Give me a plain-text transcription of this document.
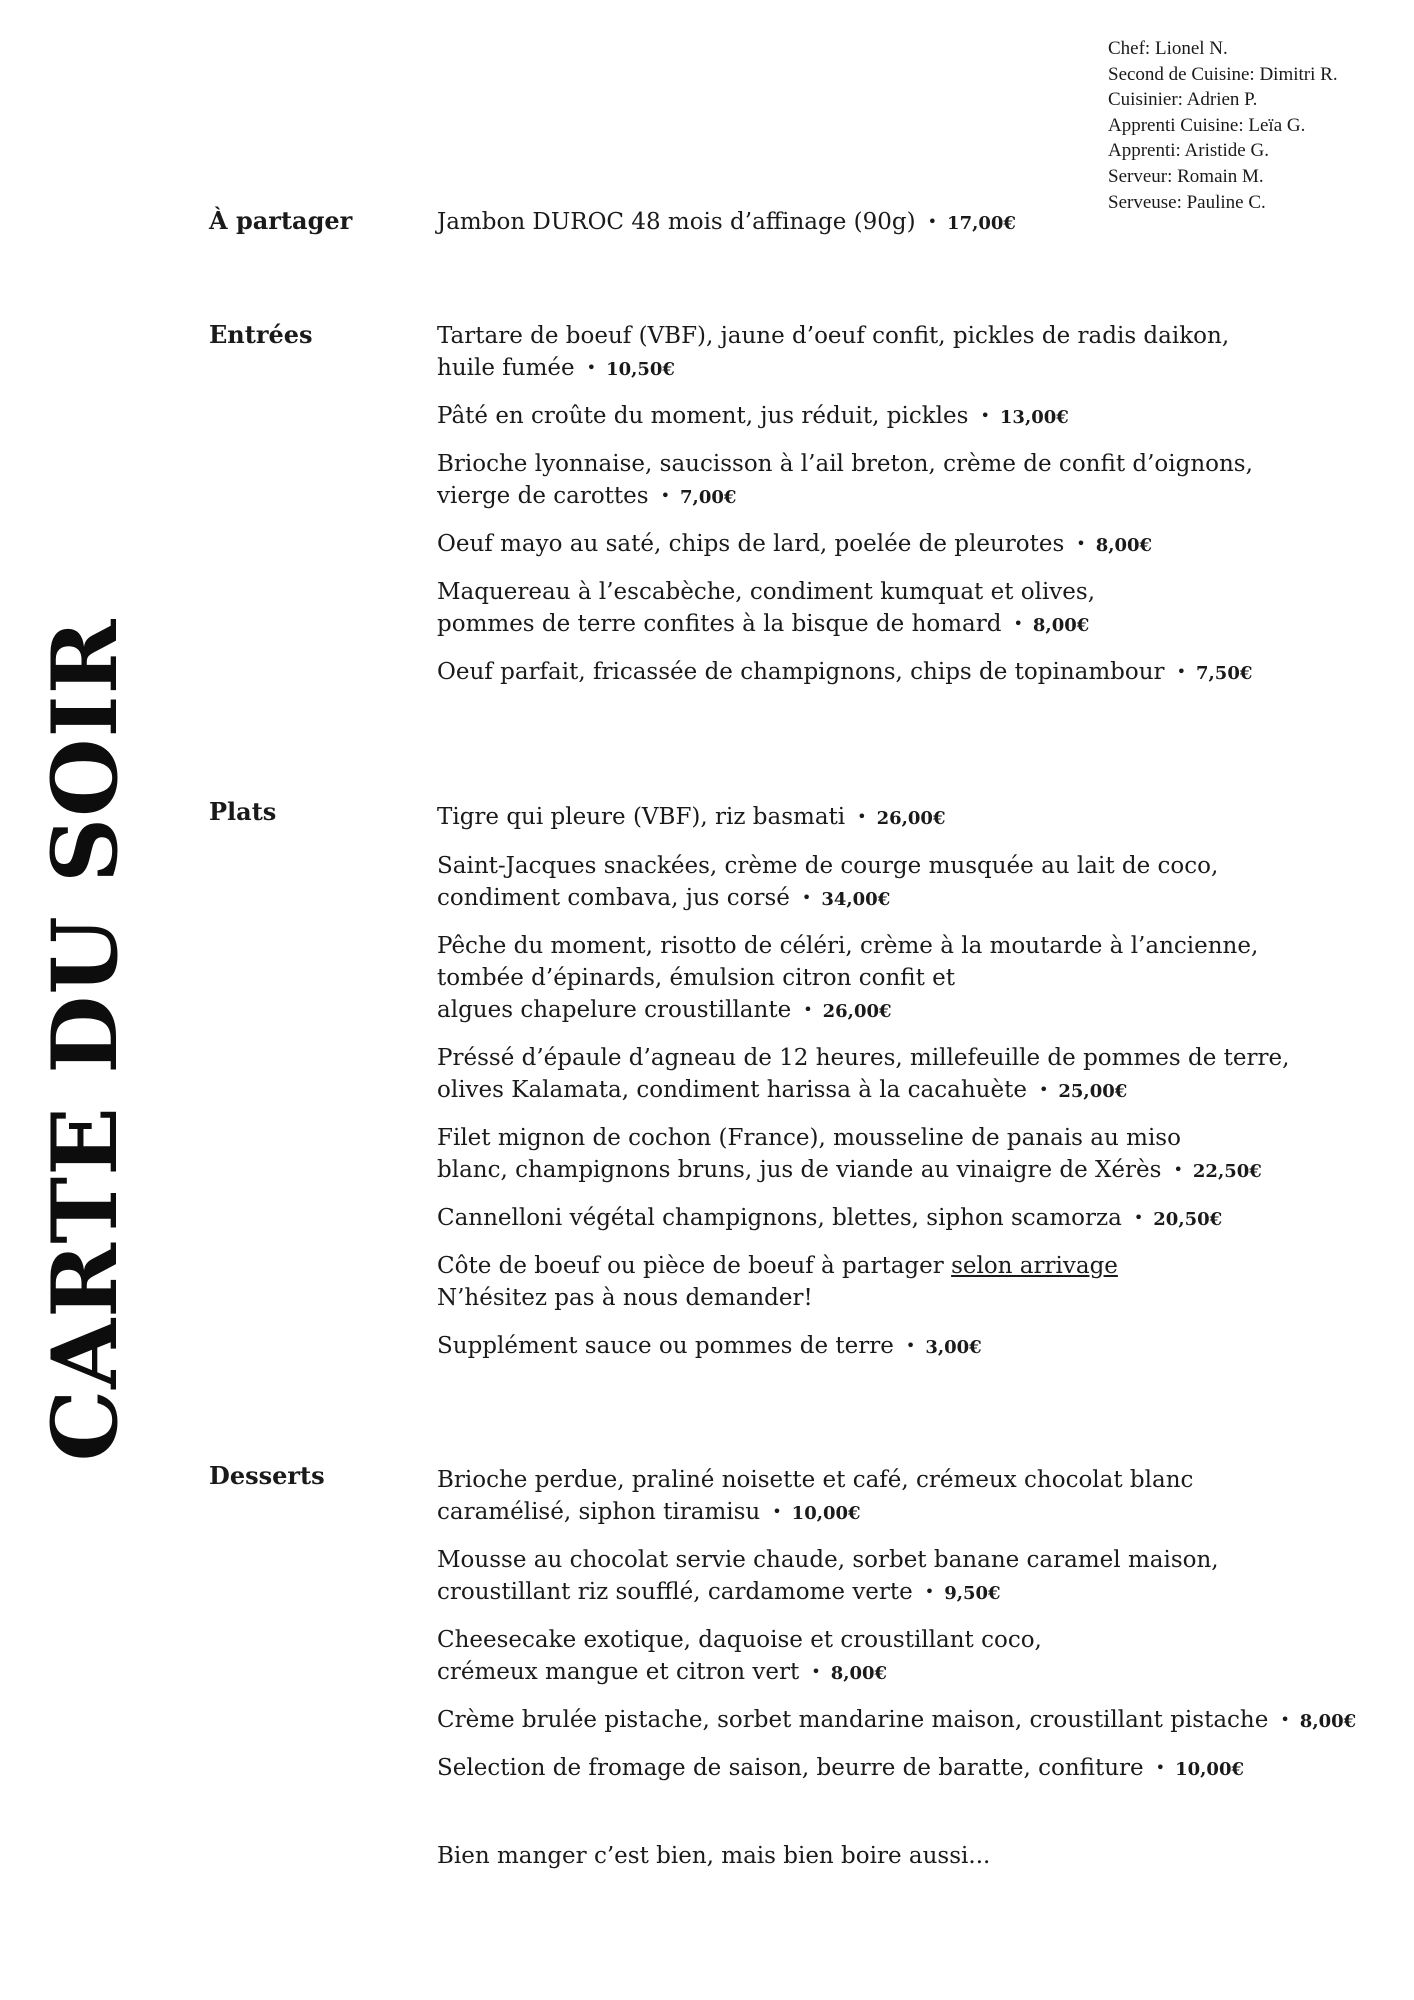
Chef: Lionel N.
Second de Cuisine: Dimitri R.
Cuisinier: Adrien P.
Apprenti Cuisine: Leïa G.
Apprenti: Aristide G.
Serveur: Romain M.
Serveuse: Pauline C.
CARTE DU SOIR
À partager	Jambon DUROC 48 mois d’affinage (90g) • 17,00€
Entrées	Tartare de boeuf (VBF), jaune d’oeuf confit, pickles de radis daikon,
huile fumée • 10,50€
Pâté en croûte du moment, jus réduit, pickles • 13,00€
Brioche lyonnaise, saucisson à l’ail breton, crème de confit d’oignons,
vierge de carottes • 7,00€
Oeuf mayo au saté, chips de lard, poelée de pleurotes • 8,00€
Maquereau à l’escabèche, condiment kumquat et olives,
pommes de terre confites à la bisque de homard • 8,00€
Oeuf parfait, fricassée de champignons, chips de topinambour • 7,50€
Plats	Tigre qui pleure (VBF), riz basmati • 26,00€
Saint-Jacques snackées, crème de courge musquée au lait de coco,
condiment combava, jus corsé • 34,00€
Pêche du moment, risotto de céléri, crème à la moutarde à l’ancienne,
tombée d’épinards, émulsion citron confit et
algues chapelure croustillante • 26,00€
Préssé d’épaule d’agneau de 12 heures, millefeuille de pommes de terre,
olives Kalamata, condiment harissa à la cacahuète • 25,00€
Filet mignon de cochon (France), mousseline de panais au miso
blanc, champignons bruns, jus de viande au vinaigre de Xérès • 22,50€
Cannelloni végétal champignons, blettes, siphon scamorza • 20,50€
Côte de boeuf ou pièce de boeuf à partager selon arrivage
N’hésitez pas à nous demander!
Supplément sauce ou pommes de terre • 3,00€
Desserts	Brioche perdue, praliné noisette et café, crémeux chocolat blanc
caramélisé, siphon tiramisu • 10,00€
Mousse au chocolat servie chaude, sorbet banane caramel maison,
croustillant riz soufflé, cardamome verte • 9,50€
Cheesecake exotique, daquoise et croustillant coco,
crémeux mangue et citron vert • 8,00€
Crème brulée pistache, sorbet mandarine maison, croustillant pistache • 8,00€
Selection de fromage de saison, beurre de baratte, confiture • 10,00€
Bien manger c’est bien, mais bien boire aussi...
